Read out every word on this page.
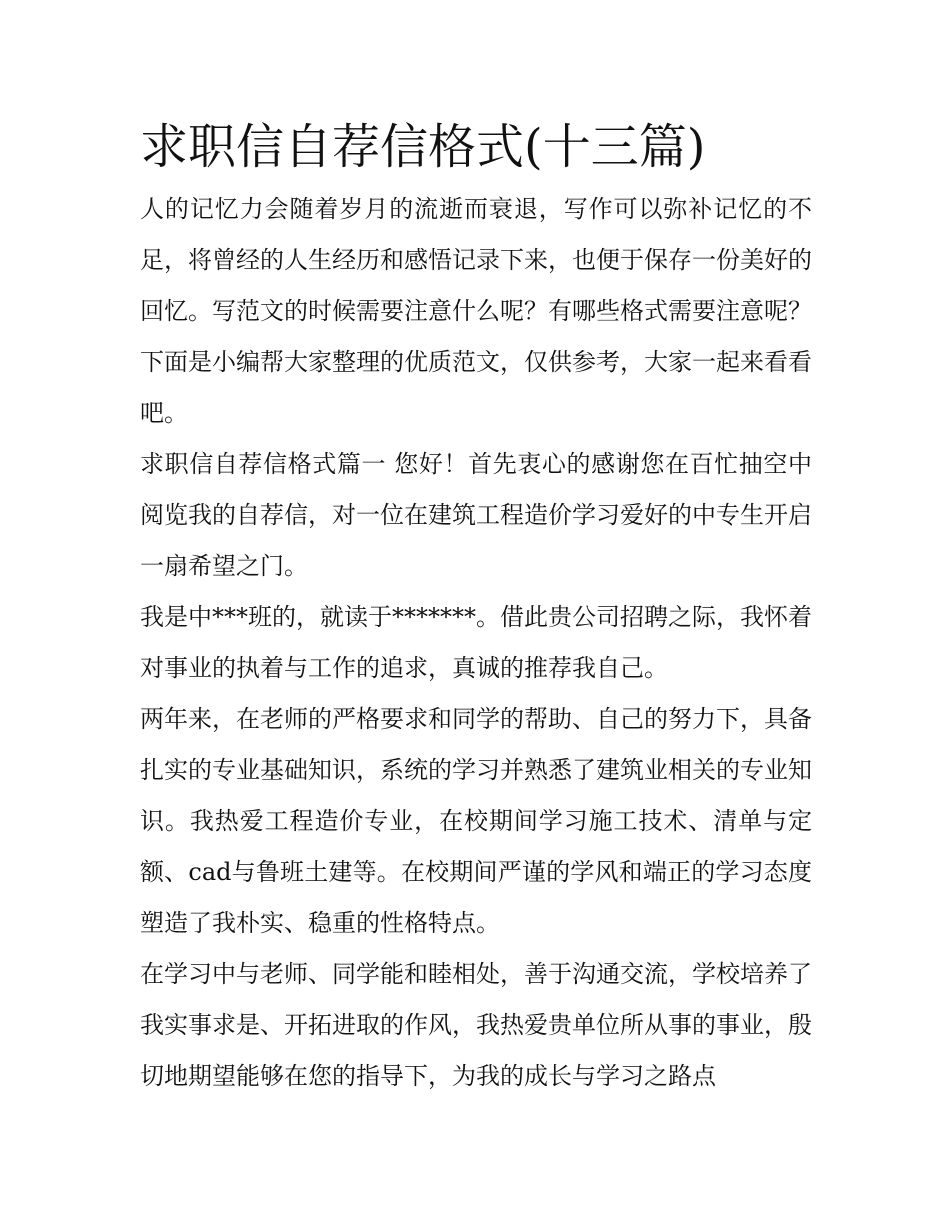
求职信自荐信格式(十三篇)

人的记忆力会随着岁月的流逝而衰退，写作可以弥补记忆的不足，将曾经的人生经历和感悟记录下来，也便于保存一份美好的回忆。写范文的时候需要注意什么呢？有哪些格式需要注意呢？下面是小编帮大家整理的优质范文，仅供参考，大家一起来看看吧。

求职信自荐信格式篇一 您好！首先衷心的感谢您在百忙抽空中阅览我的自荐信，对一位在建筑工程造价学习爱好的中专生开启一扇希望之门。

我是中***班的，就读于*******。借此贵公司招聘之际，我怀着对事业的执着与工作的追求，真诚的推荐我自己。

两年来，在老师的严格要求和同学的帮助、自己的努力下，具备扎实的专业基础知识，系统的学习并熟悉了建筑业相关的专业知识。我热爱工程造价专业，在校期间学习施工技术、清单与定额、cad与鲁班土建等。在校期间严谨的学风和端正的学习态度塑造了我朴实、稳重的性格特点。

在学习中与老师、同学能和睦相处，善于沟通交流，学校培养了我实事求是、开拓进取的作风，我热爱贵单位所从事的事业，殷切地期望能够在您的指导下，为我的成长与学习之路点
